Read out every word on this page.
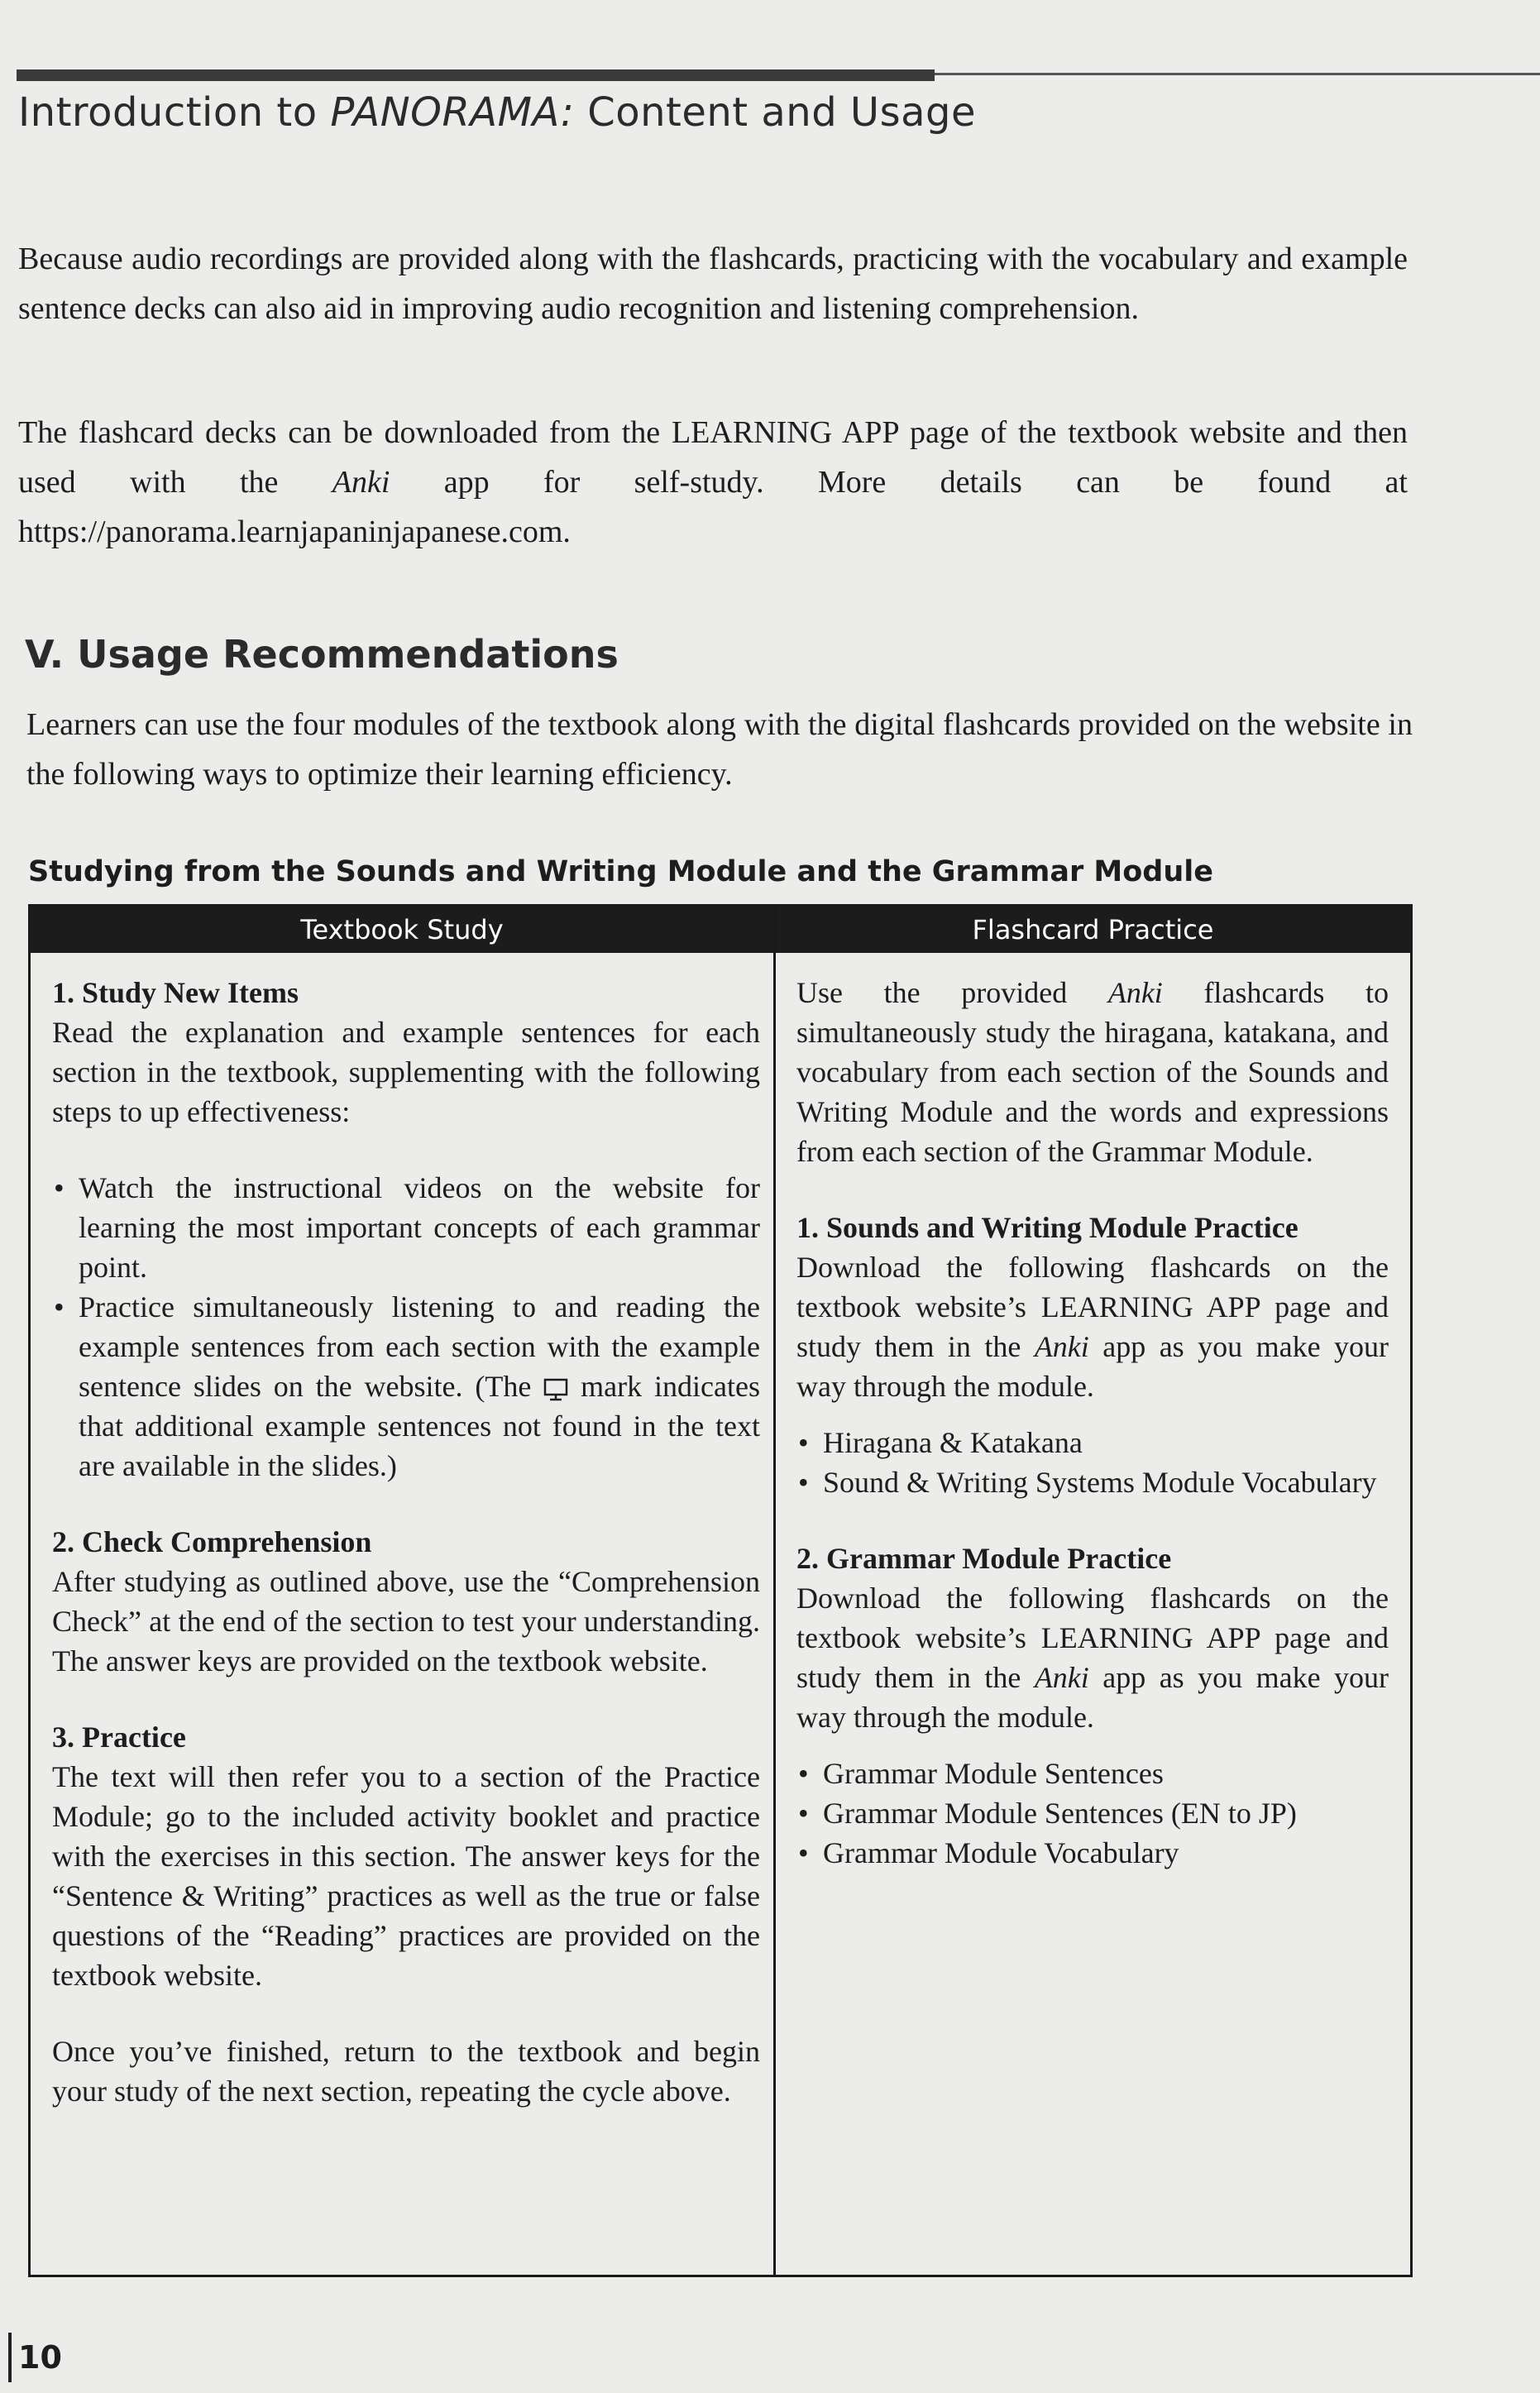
Introduction to PANORAMA: Content and Usage
Because audio recordings are provided along with the flashcards, practicing with the vocabulary and example sentence decks can also aid in improving audio recognition and listening comprehension.
The flashcard decks can be downloaded from the LEARNING APP page of the textbook website and then used with the Anki app for self-study. More details can be found at https://panorama.learnjapaninjapanese.com.
V. Usage Recommendations
Learners can use the four modules of the textbook along with the digital flashcards provided on the website in the following ways to optimize their learning efficiency.
Studying from the Sounds and Writing Module and the Grammar Module
Textbook Study	Flashcard Practice

1. Study New Items

Read the explanation and example sentences for each section in the textbook, supplementing with the following steps to up effectiveness:

• Watch the instructional videos on the website for learning the most important concepts of each grammar point.
• Practice simultaneously listening to and reading the example sentences from each section with the example sentence slides on the website. (The  mark indicates that additional example sentences not found in the text are available in the slides.)

2. Check Comprehension

After studying as outlined above, use the “Comprehension Check” at the end of the section to test your understanding. The answer keys are provided on the textbook website.

3. Practice

The text will then refer you to a section of the Practice Module; go to the included activity booklet and practice with the exercises in this section. The answer keys for the “Sentence & Writing” practices as well as the true or false questions of the “Reading” practices are provided on the textbook website.

Once you’ve finished, return to the textbook and begin your study of the next section, repeating the cycle above.

Use the provided Anki flashcards to simultaneously study the hiragana, katakana, and vocabulary from each section of the Sounds and Writing Module and the words and expressions from each section of the Grammar Module.

1. Sounds and Writing Module Practice

Download the following flashcards on the textbook website’s LEARNING APP page and study them in the Anki app as you make your way through the module.

• Hiragana & Katakana
• Sound & Writing Systems Module Vocabulary

2. Grammar Module Practice

Download the following flashcards on the textbook website’s LEARNING APP page and study them in the Anki app as you make your way through the module.

• Grammar Module Sentences
• Grammar Module Sentences (EN to JP)
• Grammar Module Vocabulary
10
